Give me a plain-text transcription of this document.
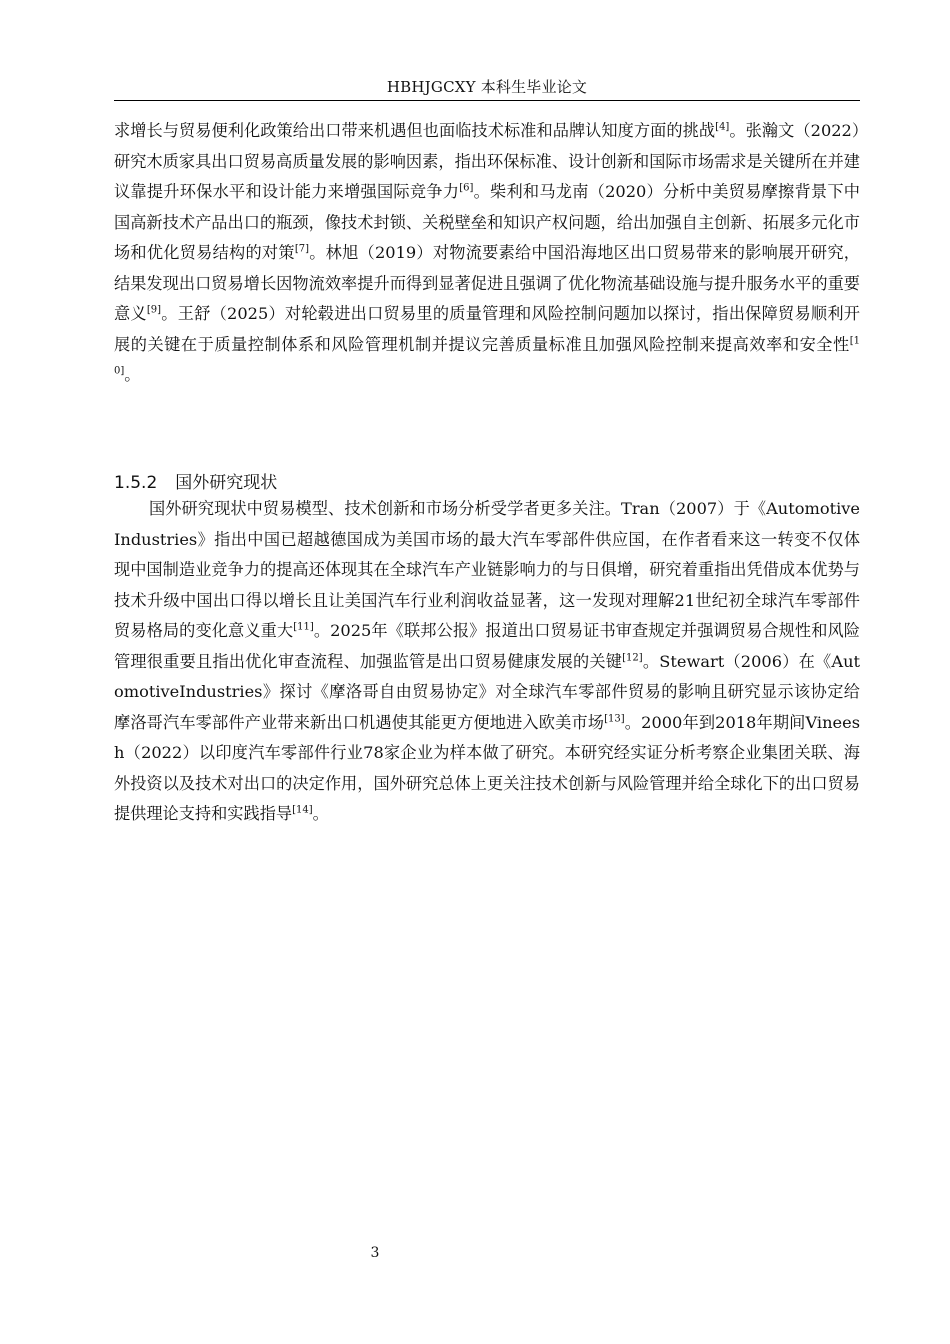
HBHJGCXY 本科生毕业论文

求增长与贸易便利化政策给出口带来机遇但也面临技术标准和品牌认知度方面的挑战[4]。张瀚文（2022）研究木质家具出口贸易高质量发展的影响因素，指出环保标准、设计创新和国际市场需求是关键所在并建议靠提升环保水平和设计能力来增强国际竞争力[6]。柴利和马龙南（2020）分析中美贸易摩擦背景下中国高新技术产品出口的瓶颈，像技术封锁、关税壁垒和知识产权问题，给出加强自主创新、拓展多元化市场和优化贸易结构的对策[7]。林旭（2019）对物流要素给中国沿海地区出口贸易带来的影响展开研究，结果发现出口贸易增长因物流效率提升而得到显著促进且强调了优化物流基础设施与提升服务水平的重要意义[9]。王舒（2025）对轮毂进出口贸易里的质量管理和风险控制问题加以探讨，指出保障贸易顺利开展的关键在于质量控制体系和风险管理机制并提议完善质量标准且加强风险控制来提高效率和安全性[10]。

1.5.2 国外研究现状

国外研究现状中贸易模型、技术创新和市场分析受学者更多关注。Tran（2007）于《AutomotiveIndustries》指出中国已超越德国成为美国市场的最大汽车零部件供应国，在作者看来这一转变不仅体现中国制造业竞争力的提高还体现其在全球汽车产业链影响力的与日俱增，研究着重指出凭借成本优势与技术升级中国出口得以增长且让美国汽车行业利润收益显著，这一发现对理解21世纪初全球汽车零部件贸易格局的变化意义重大[11]。2025年《联邦公报》报道出口贸易证书审查规定并强调贸易合规性和风险管理很重要且指出优化审查流程、加强监管是出口贸易健康发展的关键[12]。Stewart（2006）在《AutomotiveIndustries》探讨《摩洛哥自由贸易协定》对全球汽车零部件贸易的影响且研究显示该协定给摩洛哥汽车零部件产业带来新出口机遇使其能更方便地进入欧美市场[13]。2000年到2018年期间Vineesh（2022）以印度汽车零部件行业78家企业为样本做了研究。本研究经实证分析考察企业集团关联、海外投资以及技术对出口的决定作用，国外研究总体上更关注技术创新与风险管理并给全球化下的出口贸易提供理论支持和实践指导[14]。

3
